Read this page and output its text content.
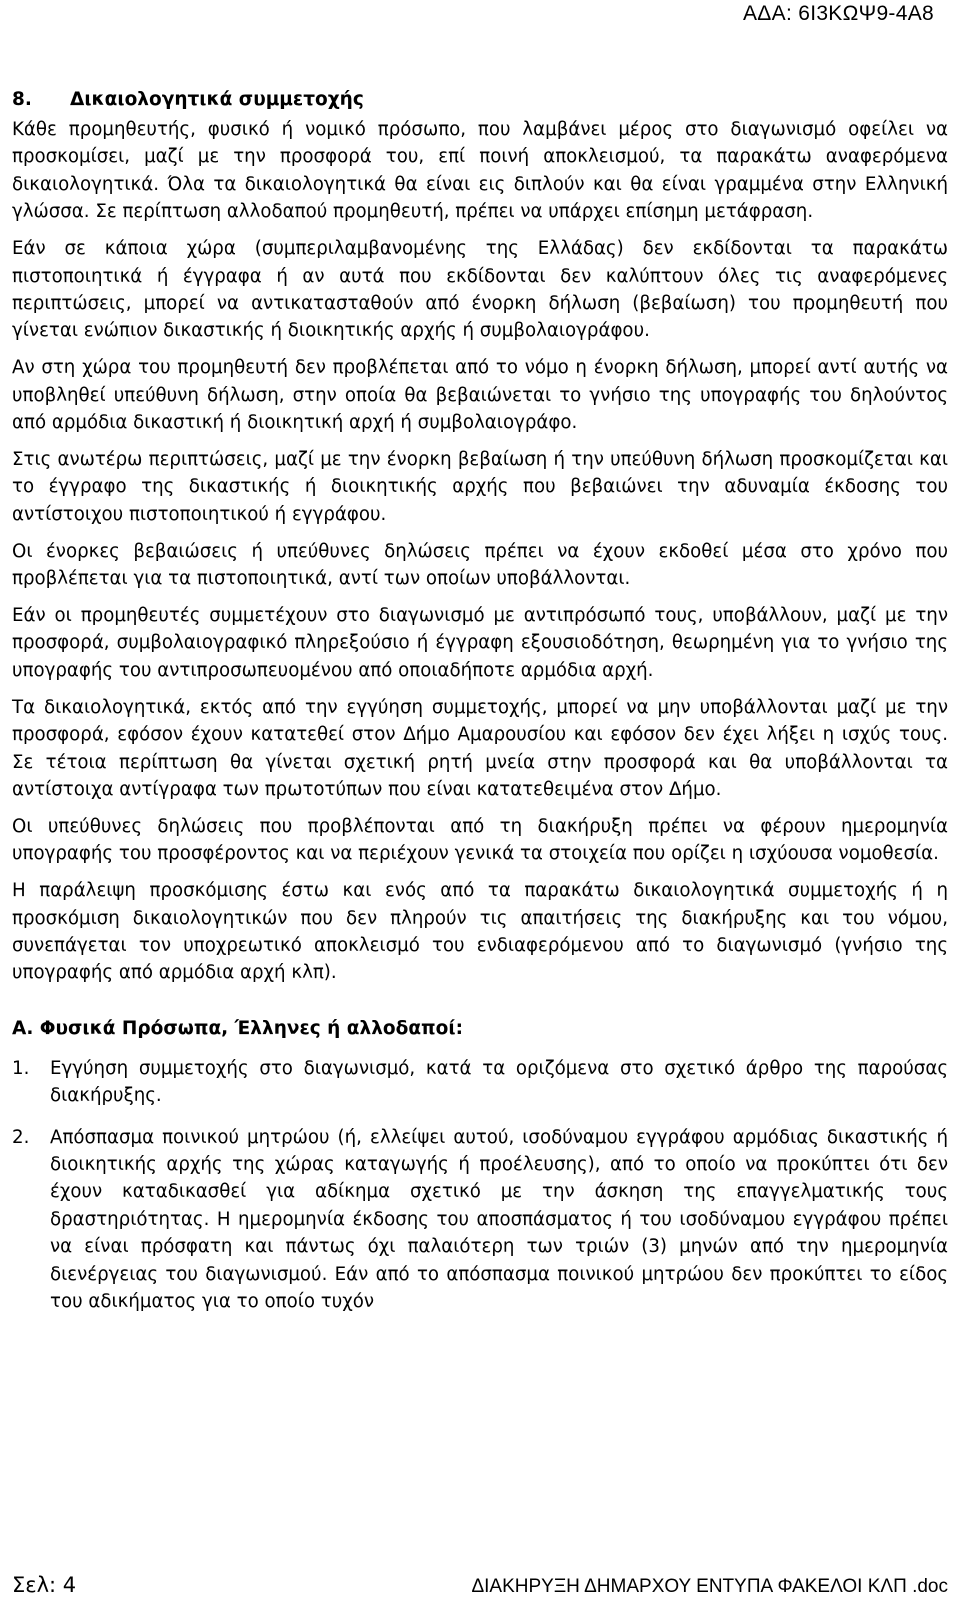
ΑΔΑ: 6Ι3ΚΩΨ9-4Α8
8. Δικαιολογητικά συμμετοχής

Κάθε προμηθευτής, φυσικό ή νομικό πρόσωπο, που λαμβάνει μέρος στο διαγωνισμό οφείλει να προσκομίσει, μαζί με την προσφορά του, επί ποινή αποκλεισμού, τα παρακάτω αναφερόμενα δικαιολογητικά. Όλα τα δικαιολογητικά θα είναι εις διπλούν και θα είναι γραμμένα στην Ελληνική γλώσσα. Σε περίπτωση αλλοδαπού προμηθευτή, πρέπει να υπάρχει επίσημη μετάφραση.

Εάν σε κάποια χώρα (συμπεριλαμβανομένης της Ελλάδας) δεν εκδίδονται τα παρακάτω πιστοποιητικά ή έγγραφα ή αν αυτά που εκδίδονται δεν καλύπτουν όλες τις αναφερόμενες περιπτώσεις, μπορεί να αντικατασταθούν από ένορκη δήλωση (βεβαίωση) του προμηθευτή που γίνεται ενώπιον δικαστικής ή διοικητικής αρχής ή συμβολαιογράφου.

Αν στη χώρα του προμηθευτή δεν προβλέπεται από το νόμο η ένορκη δήλωση, μπορεί αντί αυτής να υποβληθεί υπεύθυνη δήλωση, στην οποία θα βεβαιώνεται το γνήσιο της υπογραφής του δηλούντος από αρμόδια δικαστική ή διοικητική αρχή ή συμβολαιογράφο.

Στις ανωτέρω περιπτώσεις, μαζί με την ένορκη βεβαίωση ή την υπεύθυνη δήλωση προσκομίζεται και το έγγραφο της δικαστικής ή διοικητικής αρχής που βεβαιώνει την αδυναμία έκδοσης του αντίστοιχου πιστοποιητικού ή εγγράφου.

Οι ένορκες βεβαιώσεις ή υπεύθυνες δηλώσεις πρέπει να έχουν εκδοθεί μέσα στο χρόνο που προβλέπεται για τα πιστοποιητικά, αντί των οποίων υποβάλλονται.

Εάν οι προμηθευτές συμμετέχουν στο διαγωνισμό με αντιπρόσωπό τους, υποβάλλουν, μαζί με την προσφορά, συμβολαιογραφικό πληρεξούσιο ή έγγραφη εξουσιοδότηση, θεωρημένη για το γνήσιο της υπογραφής του αντιπροσωπευομένου από οποιαδήποτε αρμόδια αρχή.

Τα δικαιολογητικά, εκτός από την εγγύηση συμμετοχής, μπορεί να μην υποβάλλονται μαζί με την προσφορά, εφόσον έχουν κατατεθεί στον Δήμο Αμαρουσίου και εφόσον δεν έχει λήξει η ισχύς τους. Σε τέτοια περίπτωση θα γίνεται σχετική ρητή μνεία στην προσφορά και θα υποβάλλονται τα αντίστοιχα αντίγραφα των πρωτοτύπων που είναι κατατεθειμένα στον Δήμο.

Οι υπεύθυνες δηλώσεις που προβλέπονται από τη διακήρυξη πρέπει να φέρουν ημερομηνία υπογραφής του προσφέροντος και να περιέχουν γενικά τα στοιχεία που ορίζει η ισχύουσα νομοθεσία.

Η παράλειψη προσκόμισης έστω και ενός από τα παρακάτω δικαιολογητικά συμμετοχής ή η προσκόμιση δικαιολογητικών που δεν πληρούν τις απαιτήσεις της διακήρυξης και του νόμου, συνεπάγεται τον υποχρεωτικό αποκλεισμό του ενδιαφερόμενου από το διαγωνισμό (γνήσιο της υπογραφής από αρμόδια αρχή κλπ).

Α. Φυσικά Πρόσωπα, Έλληνες ή αλλοδαποί:
1. Εγγύηση συμμετοχής στο διαγωνισμό, κατά τα οριζόμενα στο σχετικό άρθρο της παρούσας διακήρυξης.
2. Απόσπασμα ποινικού μητρώου (ή, ελλείψει αυτού, ισοδύναμου εγγράφου αρμόδιας δικαστικής ή διοικητικής αρχής της χώρας καταγωγής ή προέλευσης), από το οποίο να προκύπτει ότι δεν έχουν καταδικασθεί για αδίκημα σχετικό με την άσκηση της επαγγελματικής τους δραστηριότητας. Η ημερομηνία έκδοσης του αποσπάσματος ή του ισοδύναμου εγγράφου πρέπει να είναι πρόσφατη και πάντως όχι παλαιότερη των τριών (3) μηνών από την ημερομηνία διενέργειας του διαγωνισμού. Εάν από το απόσπασμα ποινικού μητρώου δεν προκύπτει το είδος του αδικήματος για το οποίο τυχόν
Σελ: 4	ΔΙΑΚΗΡΥΞΗ ΔΗΜΑΡΧΟΥ ΕΝΤΥΠΑ ΦΑΚΕΛΟΙ ΚΛΠ .doc
